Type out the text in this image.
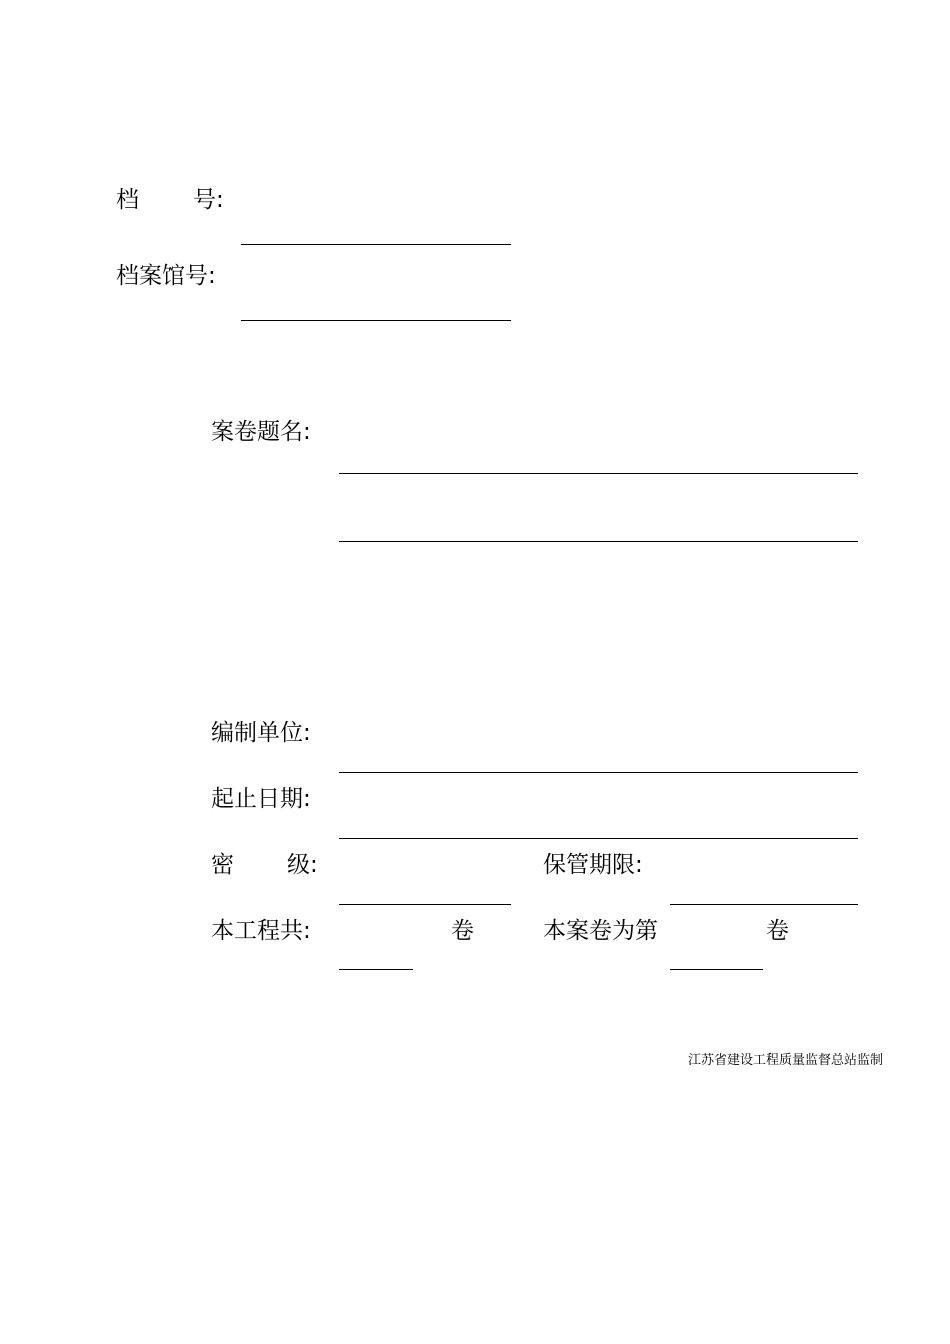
档 号:
档案馆号:
案卷题名:
编制单位:
起止日期:
密 级:	保管期限:
本工程共:	卷	本案卷为第	卷
江苏省建设工程质量监督总站监制
